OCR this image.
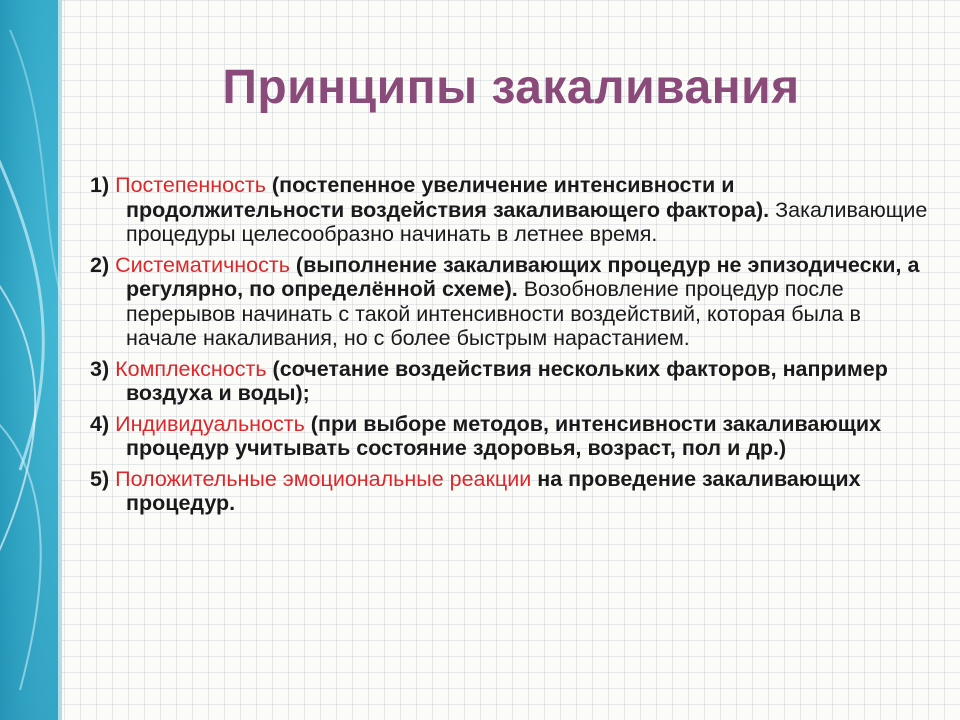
Принципы закаливания
1) Постепенность (постепенное увеличение интенсивности и продолжительности воздействия закаливающего фактора). Закаливающие процедуры целесообразно начинать в летнее время.
2) Систематичность (выполнение закаливающих процедур не эпизодически, а регулярно, по определённой схеме). Возобновление процедур после перерывов начинать с такой интенсивности воздействий, которая была в начале накаливания, но с более быстрым нарастанием.
3) Комплексность (сочетание воздействия нескольких факторов, например воздуха и воды);
4) Индивидуальность (при выборе методов, интенсивности закаливающих процедур учитывать состояние здоровья, возраст, пол и др.)
5) Положительные эмоциональные реакции на проведение закаливающих процедур.
